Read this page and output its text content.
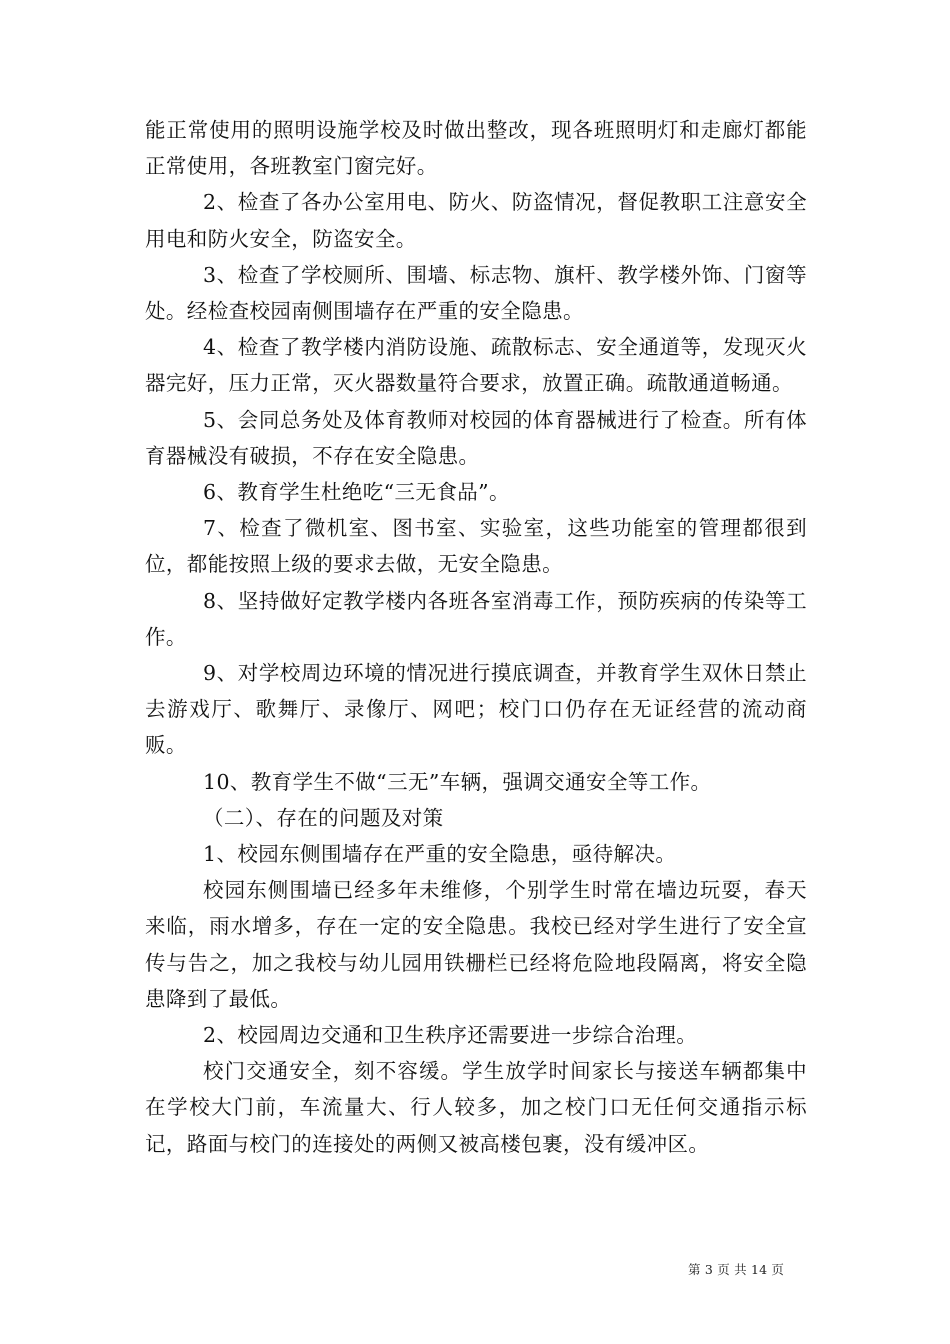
能正常使用的照明设施学校及时做出整改，现各班照明灯和走廊灯都能正常使用，各班教室门窗完好。

2、检查了各办公室用电、防火、防盗情况，督促教职工注意安全用电和防火安全，防盗安全。

3、检查了学校厕所、围墙、标志物、旗杆、教学楼外饰、门窗等处。经检查校园南侧围墙存在严重的安全隐患。

4、检查了教学楼内消防设施、疏散标志、安全通道等，发现灭火器完好，压力正常，灭火器数量符合要求，放置正确。疏散通道畅通。

5、会同总务处及体育教师对校园的体育器械进行了检查。所有体育器械没有破损，不存在安全隐患。

6、教育学生杜绝吃“三无食品”。

7、检查了微机室、图书室、实验室，这些功能室的管理都很到位，都能按照上级的要求去做，无安全隐患。

8、坚持做好定教学楼内各班各室消毒工作，预防疾病的传染等工作。

9、对学校周边环境的情况进行摸底调查，并教育学生双休日禁止去游戏厅、歌舞厅、录像厅、网吧；校门口仍存在无证经营的流动商贩。

10、教育学生不做“三无”车辆，强调交通安全等工作。

（二）、存在的问题及对策

1、校园东侧围墙存在严重的安全隐患，亟待解决。

校园东侧围墙已经多年未维修，个别学生时常在墙边玩耍，春天来临，雨水增多，存在一定的安全隐患。我校已经对学生进行了安全宣传与告之，加之我校与幼儿园用铁栅栏已经将危险地段隔离，将安全隐患降到了最低。

2、校园周边交通和卫生秩序还需要进一步综合治理。

校门交通安全，刻不容缓。学生放学时间家长与接送车辆都集中在学校大门前，车流量大、行人较多，加之校门口无任何交通指示标记，路面与校门的连接处的两侧又被高楼包裹，没有缓冲区。

第 3 页 共 14 页
